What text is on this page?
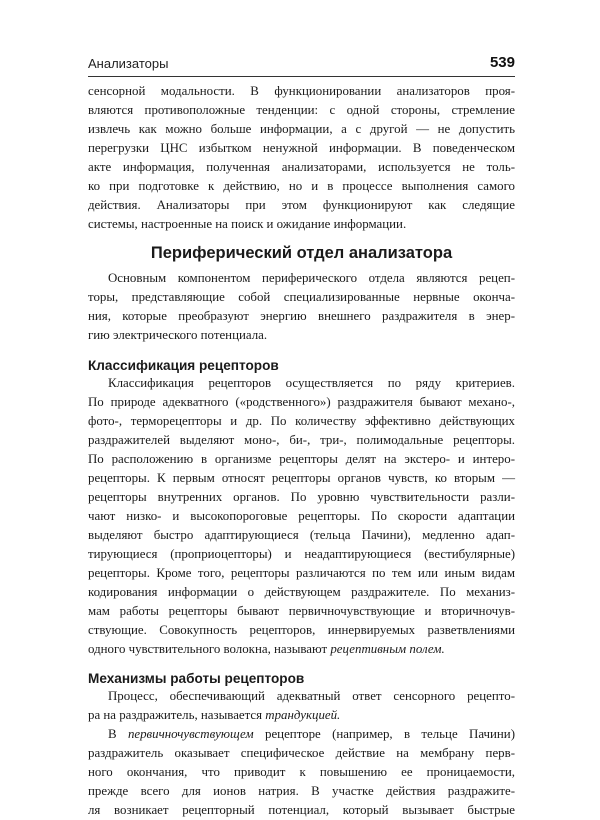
Анализаторы	539

сенсорной модальности. В функционировании анализаторов проя-
вляются противоположные тенденции: с одной стороны, стремление
извлечь как можно больше информации, а с другой — не допустить
перегрузки ЦНС избытком ненужной информации. В поведенческом
акте информация, полученная анализаторами, используется не толь-
ко при подготовке к действию, но и в процессе выполнения самого
действия. Анализаторы при этом функционируют как следящие
системы, настроенные на поиск и ожидание информации.

Периферический отдел анализатора

Основным компонентом периферического отдела являются рецеп-
торы, представляющие собой специализированные нервные оконча-
ния, которые преобразуют энергию внешнего раздражителя в энер-
гию электрического потенциала.

Классификация рецепторов

Классификация рецепторов осуществляется по ряду критериев.
По природе адекватного («родственного») раздражителя бывают механо-,
фото-, терморецепторы и др. По количеству эффективно действующих
раздражителей выделяют моно-, би-, три-, полимодальные рецепторы.
По расположению в организме рецепторы делят на экстеро- и интеро-
рецепторы. К первым относят рецепторы органов чувств, ко вторым —
рецепторы внутренних органов. По уровню чувствительности разли-
чают низко- и высокопороговые рецепторы. По скорости адаптации
выделяют быстро адаптирующиеся (тельца Пачини), медленно адап-
тирующиеся (проприоцепторы) и неадаптирующиеся (вестибулярные)
рецепторы. Кроме того, рецепторы различаются по тем или иным видам
кодирования информации о действующем раздражителе. По механиз-
мам работы рецепторы бывают первичночувствующие и вторичночув-
ствующие. Совокупность рецепторов, иннервируемых разветвлениями
одного чувствительного волокна, называют рецептивным полем.

Механизмы работы рецепторов

Процесс, обеспечивающий адекватный ответ сенсорного рецепто-
ра на раздражитель, называется трандукцией.

В первичночувствующем рецепторе (например, в тельце Пачини)
раздражитель оказывает специфическое действие на мембрану перв-
ного окончания, что приводит к повышению ее проницаемости,
прежде всего для ионов натрия. В участке действия раздражите-
ля возникает рецепторный потенциал, который вызывает быстрые
